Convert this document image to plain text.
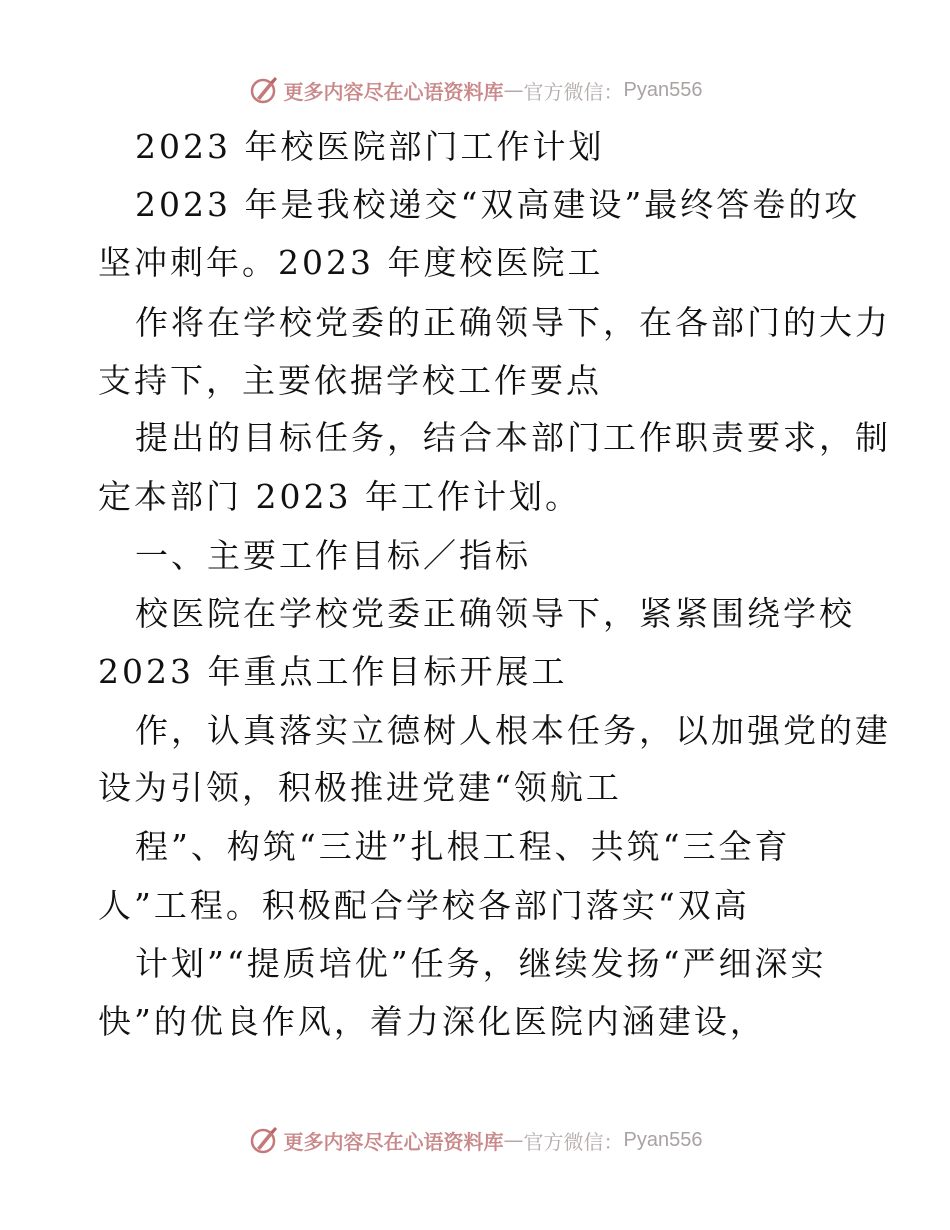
更多内容尽在心语资料库 — 官方微信： Pyan556
2023 年校医院部门工作计划
2023 年是我校递交“双高建设”最终答卷的攻
坚冲刺年。2023 年度校医院工
作将在学校党委的正确领导下，在各部门的大力
支持下，主要依据学校工作要点
提出的目标任务，结合本部门工作职责要求，制
定本部门 2023 年工作计划。
一、主要工作目标／指标
校医院在学校党委正确领导下，紧紧围绕学校
2023 年重点工作目标开展工
作，认真落实立德树人根本任务，以加强党的建
设为引领，积极推进党建“领航工
程”、构筑“三进”扎根工程、共筑“三全育
人”工程。积极配合学校各部门落实“双高
计划”“提质培优”任务，继续发扬“严细深实
快”的优良作风，着力深化医院内涵建设，
更多内容尽在心语资料库 — 官方微信： Pyan556
